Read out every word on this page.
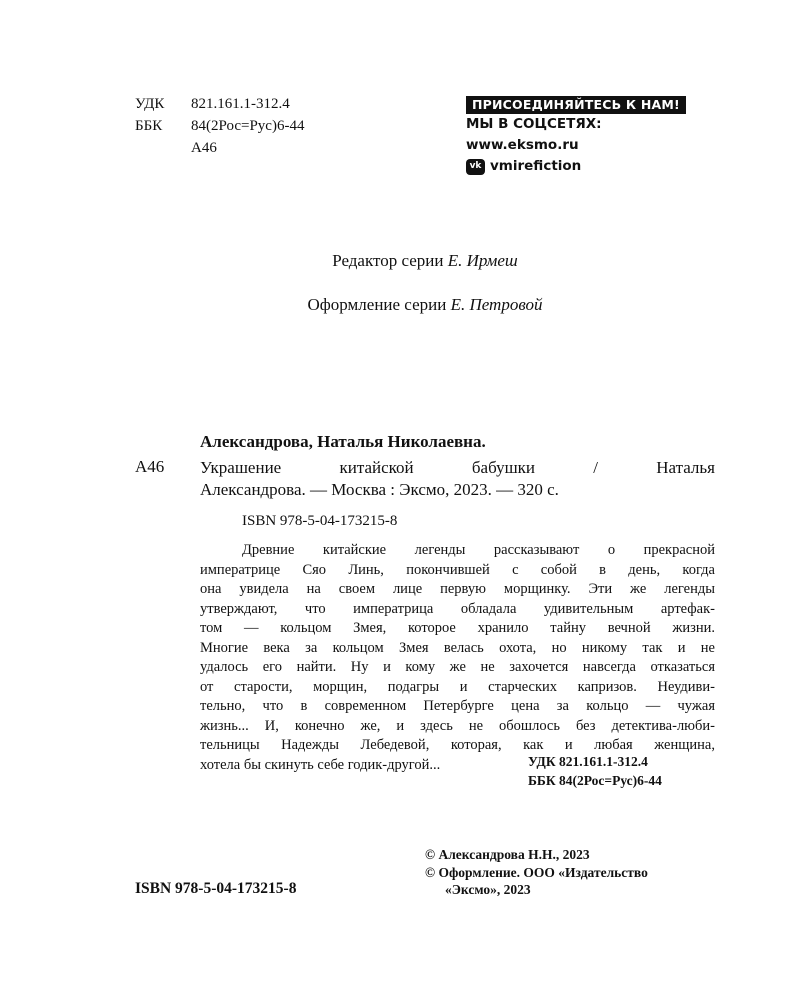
УДК	821.161.1-312.4
ББК	84(2Рос=Рус)6-44
А46
ПРИСОЕДИНЯЙТЕСЬ К НАМ!
МЫ В СОЦСЕТЯХ:
www.eksmo.ru
vk vmirefiction
Редактор серии Е. Ирмеш
Оформление серии Е. Петровой
Александрова, Наталья Николаевна.
А46 Украшение китайской бабушки / Наталья
Александрова. — Москва : Эксмо, 2023. — 320 с.
ISBN 978-5-04-173215-8
Древние китайские легенды рассказывают о прекрасной
императрице Сяо Линь, покончившей с собой в день, когда
она увидела на своем лице первую морщинку. Эти же легенды
утверждают, что императрица обладала удивительным артефак-
том — кольцом Змея, которое хранило тайну вечной жизни.
Многие века за кольцом Змея велась охота, но никому так и не
удалось его найти. Ну и кому же не захочется навсегда отказаться
от старости, морщин, подагры и старческих капризов. Неудиви-
тельно, что в современном Петербурге цена за кольцо — чужая
жизнь... И, конечно же, и здесь не обошлось без детектива-люби-
тельницы Надежды Лебедевой, которая, как и любая женщина,
хотела бы скинуть себе годик-другой...	УДК 821.161.1-312.4
ББК 84(2Рос=Рус)6-44
© Александрова Н.Н., 2023
© Оформление. ООО «Издательство
«Эксмо», 2023
ISBN 978-5-04-173215-8
